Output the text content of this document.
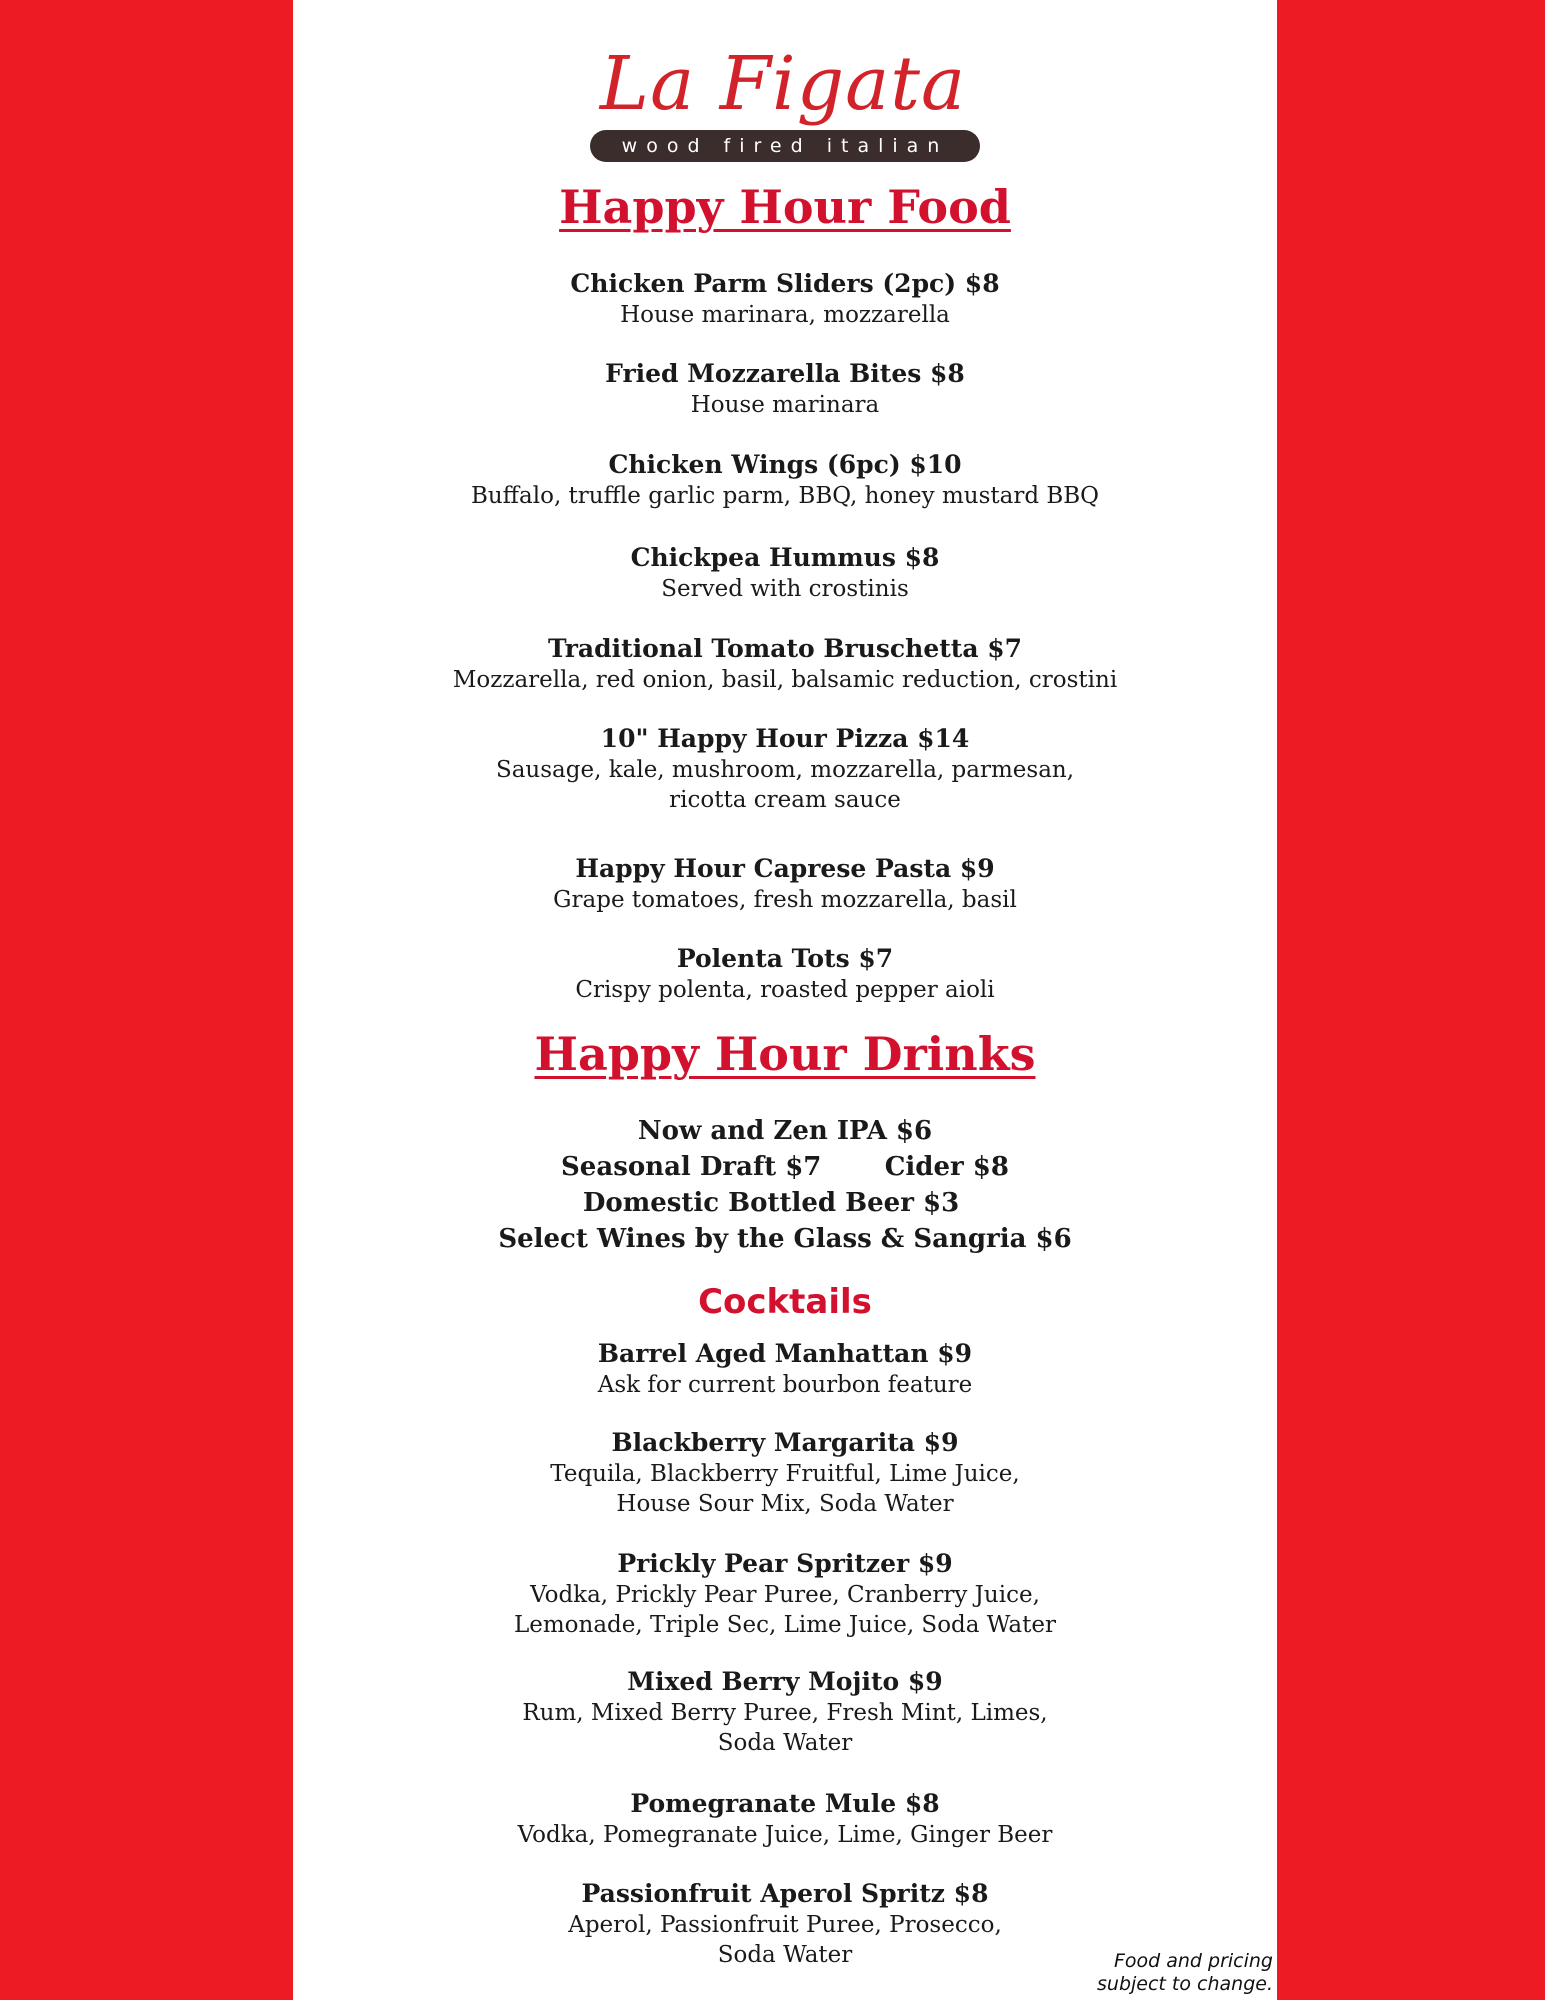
La Figata
wood fired italian
Happy Hour Food
Chicken Parm Sliders (2pc) $8
House marinara, mozzarella
Fried Mozzarella Bites $8
House marinara
Chicken Wings (6pc) $10
Buffalo, truffle garlic parm, BBQ, honey mustard BBQ
Chickpea Hummus $8
Served with crostinis
Traditional Tomato Bruschetta $7
Mozzarella, red onion, basil, balsamic reduction, crostini
10" Happy Hour Pizza $14
Sausage, kale, mushroom, mozzarella, parmesan,
ricotta cream sauce
Happy Hour Caprese Pasta $9
Grape tomatoes, fresh mozzarella, basil
Polenta Tots $7
Crispy polenta, roasted pepper aioli
Happy Hour Drinks
Now and Zen IPA $6
Seasonal Draft $7       Cider $8
Domestic Bottled Beer $3
Select Wines by the Glass & Sangria $6
Cocktails
Barrel Aged Manhattan $9
Ask for current bourbon feature
Blackberry Margarita $9
Tequila, Blackberry Fruitful, Lime Juice,
House Sour Mix, Soda Water
Prickly Pear Spritzer $9
Vodka, Prickly Pear Puree, Cranberry Juice,
Lemonade, Triple Sec, Lime Juice, Soda Water
Mixed Berry Mojito $9
Rum, Mixed Berry Puree, Fresh Mint, Limes,
Soda Water
Pomegranate Mule $8
Vodka, Pomegranate Juice, Lime, Ginger Beer
Passionfruit Aperol Spritz $8
Aperol, Passionfruit Puree, Prosecco,
Soda Water	Food and pricing
subject to change.
